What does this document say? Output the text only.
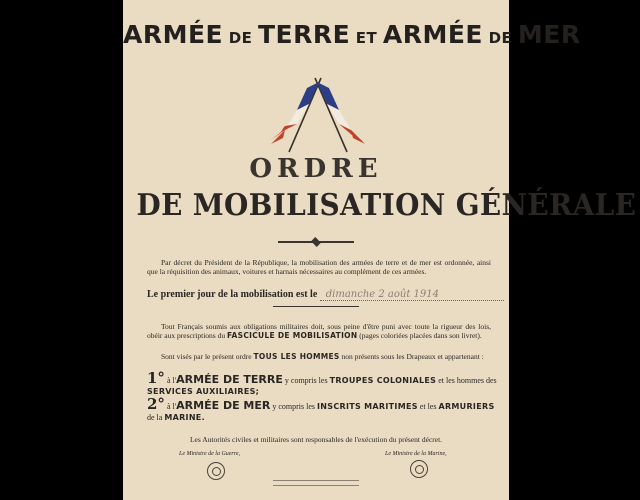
ARMÉE DE TERRE ET ARMÉE DE MER
ORDRE
DE MOBILISATION GÉNÉRALE
Par décret du Président de la République, la mobilisation des armées de terre et de mer est ordonnée, ainsi que la réquisition des animaux, voitures et harnais nécessaires au complément de ces armées.
Le premier jour de la mobilisation est le dimanche 2 août 1914
Tout Français soumis aux obligations militaires doit, sous peine d'être puni avec toute la rigueur des lois, obéir aux prescriptions du FASCICULE DE MOBILISATION (pages coloriées placées dans son livret).
Sont visés par le présent ordre TOUS LES HOMMES non présents sous les Drapeaux et appartenant :
1° à l'ARMÉE DE TERRE y compris les TROUPES COLONIALES et les hommes des
SERVICES AUXILIAIRES;
2° à l'ARMÉE DE MER y compris les INSCRITS MARITIMES et les ARMURIERS
de la MARINE.
Les Autorités civiles et militaires sont responsables de l'exécution du présent décret.
Le Ministre de la Guerre,	Le Ministre de la Marine,
